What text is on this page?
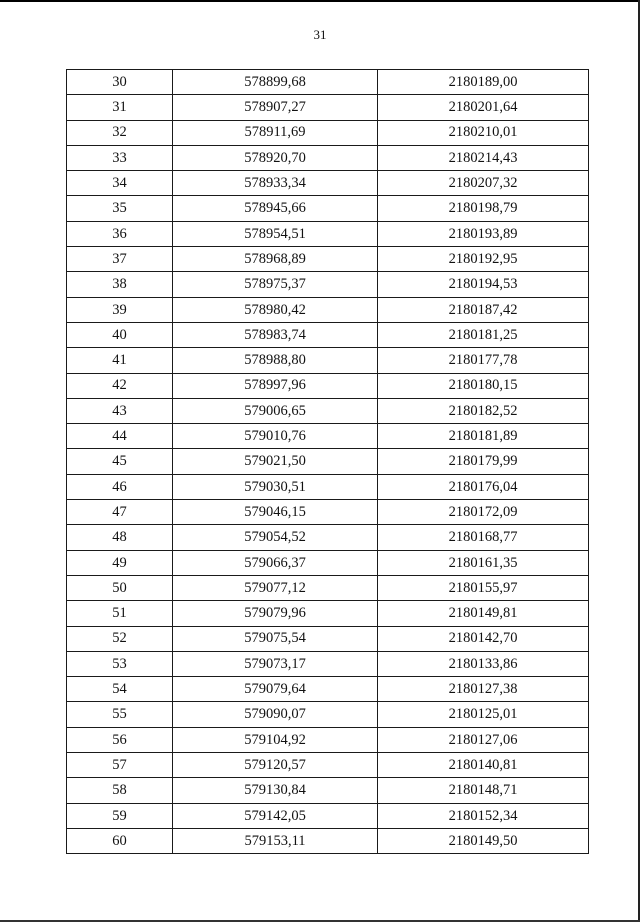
31
30	578899,68	2180189,00
31	578907,27	2180201,64
32	578911,69	2180210,01
33	578920,70	2180214,43
34	578933,34	2180207,32
35	578945,66	2180198,79
36	578954,51	2180193,89
37	578968,89	2180192,95
38	578975,37	2180194,53
39	578980,42	2180187,42
40	578983,74	2180181,25
41	578988,80	2180177,78
42	578997,96	2180180,15
43	579006,65	2180182,52
44	579010,76	2180181,89
45	579021,50	2180179,99
46	579030,51	2180176,04
47	579046,15	2180172,09
48	579054,52	2180168,77
49	579066,37	2180161,35
50	579077,12	2180155,97
51	579079,96	2180149,81
52	579075,54	2180142,70
53	579073,17	2180133,86
54	579079,64	2180127,38
55	579090,07	2180125,01
56	579104,92	2180127,06
57	579120,57	2180140,81
58	579130,84	2180148,71
59	579142,05	2180152,34
60	579153,11	2180149,50
